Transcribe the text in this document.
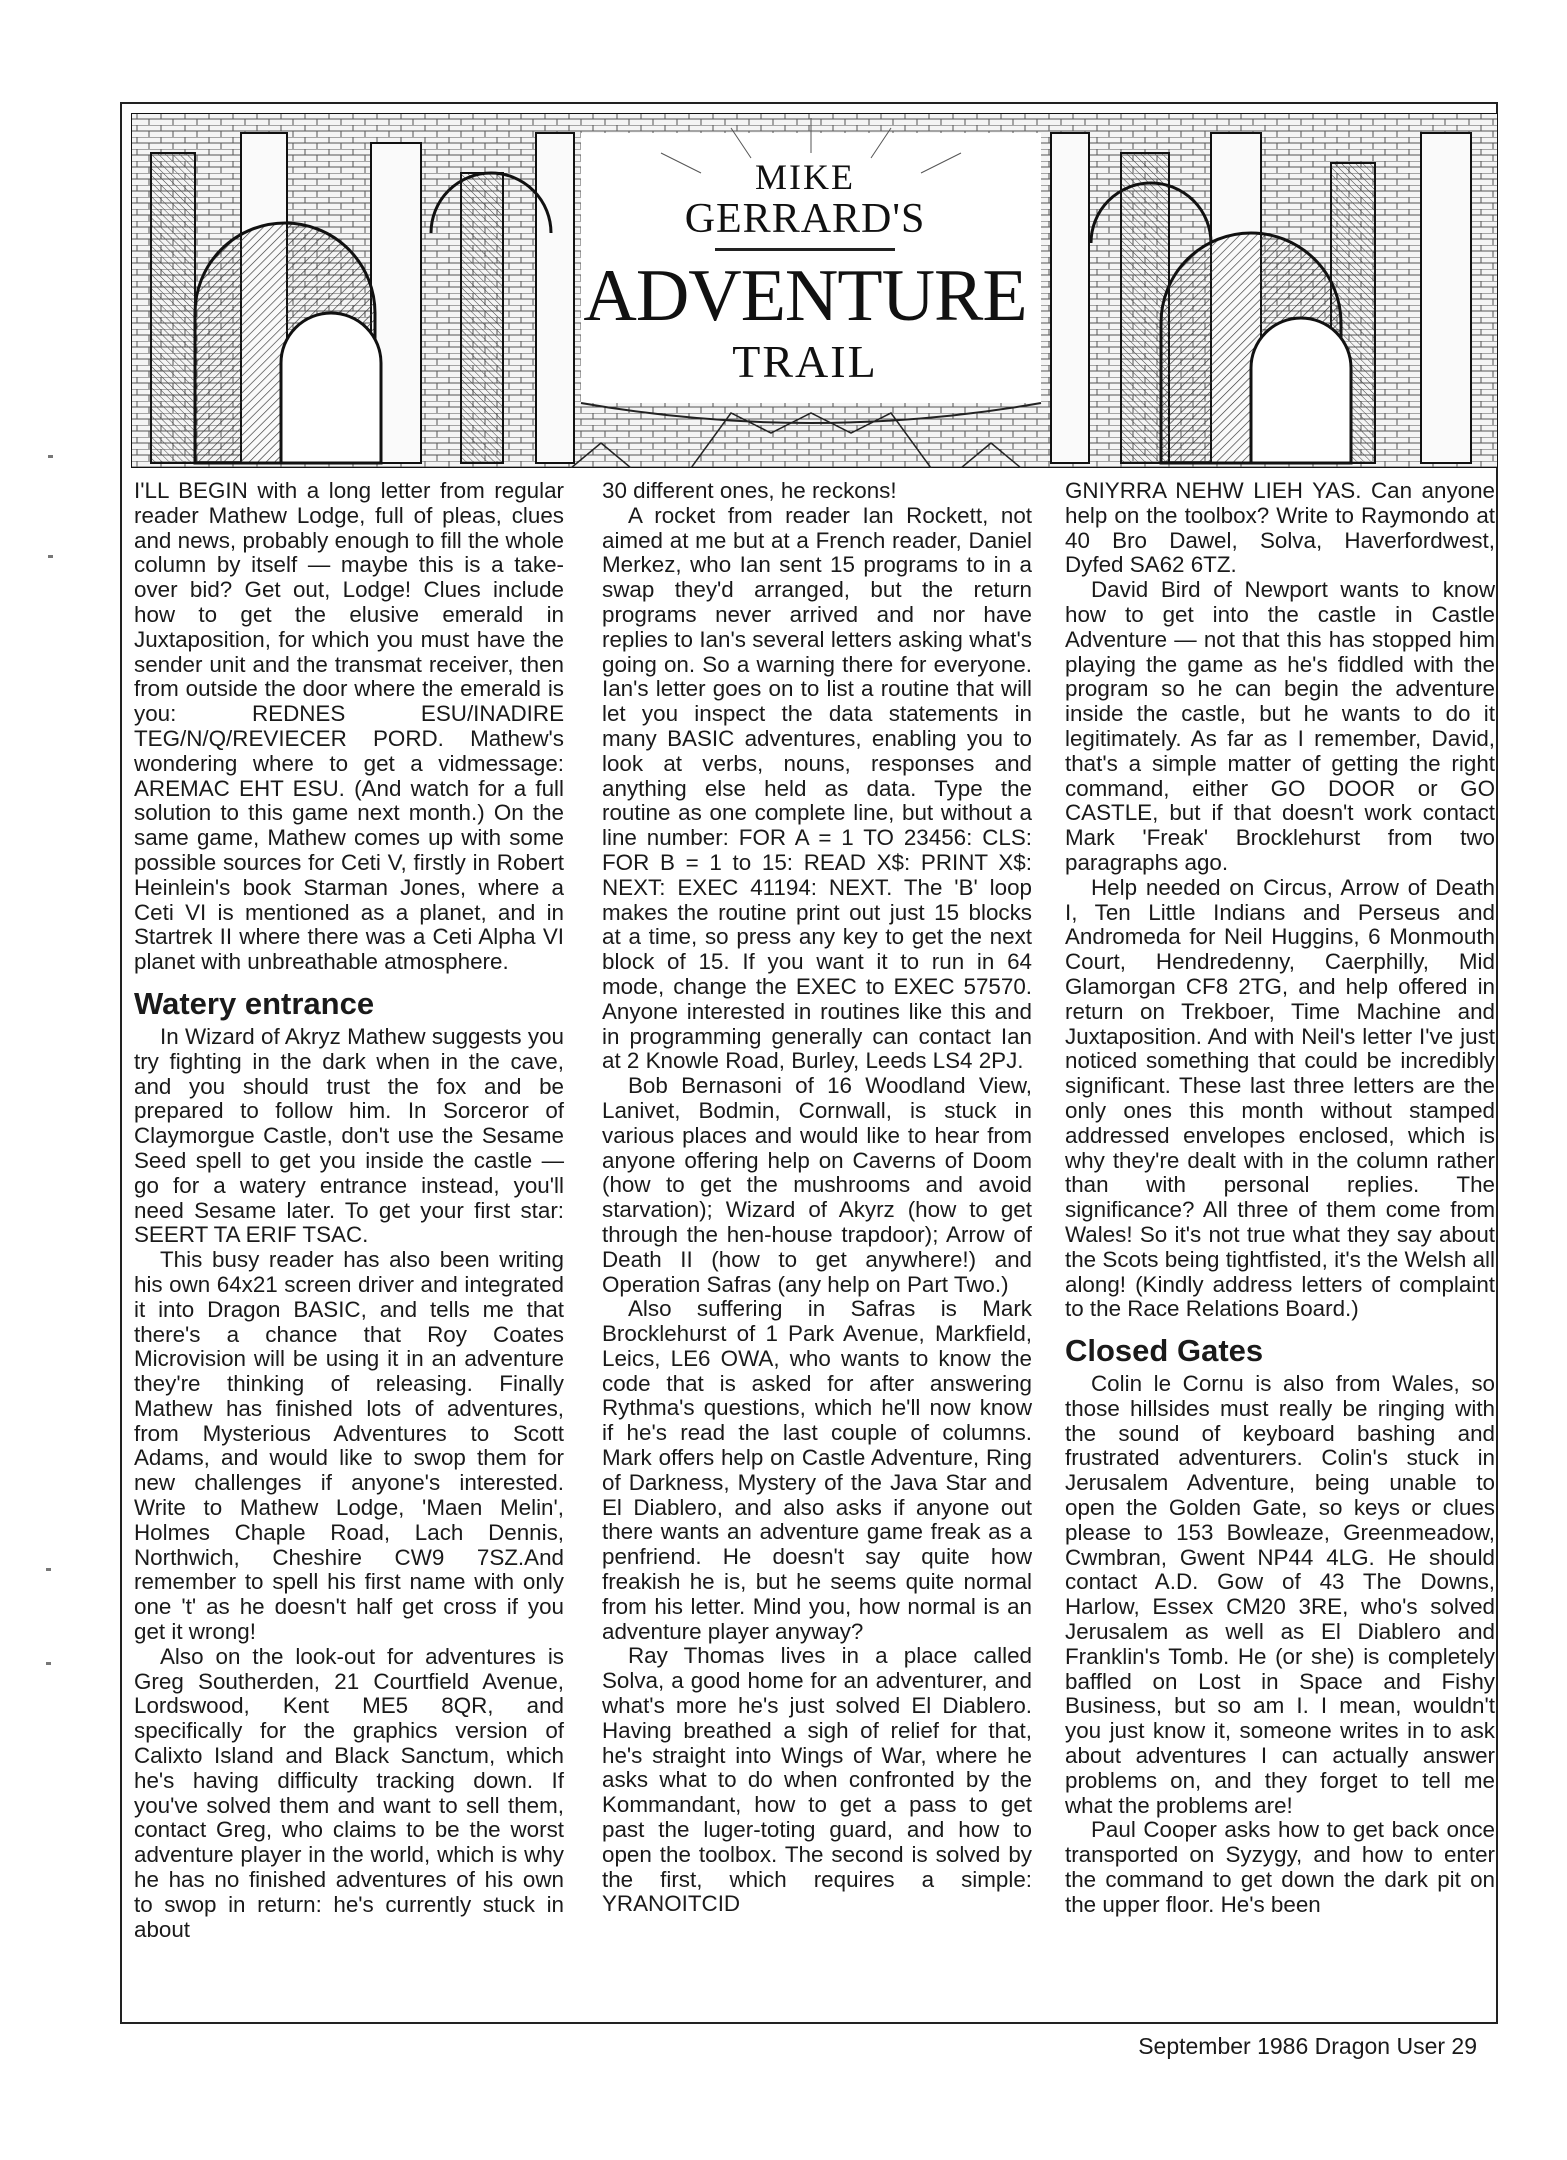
MIKE
GERRARD'S
ADVENTURE
TRAIL

I'LL BEGIN with a long letter from regular reader Mathew Lodge, full of pleas, clues and news, probably enough to fill the whole column by itself — maybe this is a take-over bid? Get out, Lodge! Clues include how to get the elusive emerald in Juxtaposition, for which you must have the sender unit and the transmat receiver, then from outside the door where the emerald is you: REDNES ESU/INADIRE TEG/N/Q/REVIECER PORD. Mathew's wondering where to get a vidmessage: AREMAC EHT ESU. (And watch for a full solution to this game next month.) On the same game, Mathew comes up with some possible sources for Ceti V, firstly in Robert Heinlein's book Starman Jones, where a Ceti VI is mentioned as a planet, and in Startrek II where there was a Ceti Alpha VI planet with unbreathable atmosphere.

Watery entrance

In Wizard of Akryz Mathew suggests you try fighting in the dark when in the cave, and you should trust the fox and be prepared to follow him. In Sorceror of Claymorgue Castle, don't use the Sesame Seed spell to get you inside the castle — go for a watery entrance instead, you'll need Sesame later. To get your first star: SEERT TA ERIF TSAC.

This busy reader has also been writing his own 64x21 screen driver and integrated it into Dragon BASIC, and tells me that there's a chance that Roy Coates Microvision will be using it in an adventure they're thinking of releasing. Finally Mathew has finished lots of adventures, from Mysterious Adventures to Scott Adams, and would like to swop them for new challenges if anyone's interested. Write to Mathew Lodge, 'Maen Melin', Holmes Chaple Road, Lach Dennis, Northwich, Cheshire CW9 7SZ.And remember to spell his first name with only one 't' as he doesn't half get cross if you get it wrong!

Also on the look-out for adventures is Greg Southerden, 21 Courtfield Avenue, Lordswood, Kent ME5 8QR, and specifically for the graphics version of Calixto Island and Black Sanctum, which he's having difficulty tracking down. If you've solved them and want to sell them, contact Greg, who claims to be the worst adventure player in the world, which is why he has no finished adventures of his own to swop in return: he's currently stuck in about

30 different ones, he reckons!

A rocket from reader Ian Rockett, not aimed at me but at a French reader, Daniel Merkez, who Ian sent 15 programs to in a swap they'd arranged, but the return programs never arrived and nor have replies to Ian's several letters asking what's going on. So a warning there for everyone. Ian's letter goes on to list a routine that will let you inspect the data statements in many BASIC adventures, enabling you to look at verbs, nouns, responses and anything else held as data. Type the routine as one complete line, but without a line number: FOR A = 1 TO 23456: CLS: FOR B = 1 to 15: READ X$: PRINT X$: NEXT: EXEC 41194: NEXT. The 'B' loop makes the routine print out just 15 blocks at a time, so press any key to get the next block of 15. If you want it to run in 64 mode, change the EXEC to EXEC 57570. Anyone interested in routines like this and in programming generally can contact Ian at 2 Knowle Road, Burley, Leeds LS4 2PJ.

Bob Bernasoni of 16 Woodland View, Lanivet, Bodmin, Cornwall, is stuck in various places and would like to hear from anyone offering help on Caverns of Doom (how to get the mushrooms and avoid starvation); Wizard of Akyrz (how to get through the hen-house trapdoor); Arrow of Death II (how to get anywhere!) and Operation Safras (any help on Part Two.)

Also suffering in Safras is Mark Brocklehurst of 1 Park Avenue, Markfield, Leics, LE6 OWA, who wants to know the code that is asked for after answering Rythma's questions, which he'll now know if he's read the last couple of columns. Mark offers help on Castle Adventure, Ring of Darkness, Mystery of the Java Star and El Diablero, and also asks if anyone out there wants an adventure game freak as a penfriend. He doesn't say quite how freakish he is, but he seems quite normal from his letter. Mind you, how normal is an adventure player anyway?

Ray Thomas lives in a place called Solva, a good home for an adventurer, and what's more he's just solved El Diablero. Having breathed a sigh of relief for that, he's straight into Wings of War, where he asks what to do when confronted by the Kommandant, how to get a pass to get past the luger-toting guard, and how to open the toolbox. The second is solved by the first, which requires a simple: YRANOITCID

GNIYRRA NEHW LIEH YAS. Can anyone help on the toolbox? Write to Raymondo at 40 Bro Dawel, Solva, Haverfordwest, Dyfed SA62 6TZ.

David Bird of Newport wants to know how to get into the castle in Castle Adventure — not that this has stopped him playing the game as he's fiddled with the program so he can begin the adventure inside the castle, but he wants to do it legitimately. As far as I remember, David, that's a simple matter of getting the right command, either GO DOOR or GO CASTLE, but if that doesn't work contact Mark 'Freak' Brocklehurst from two paragraphs ago.

Help needed on Circus, Arrow of Death I, Ten Little Indians and Perseus and Andromeda for Neil Huggins, 6 Monmouth Court, Hendredenny, Caerphilly, Mid Glamorgan CF8 2TG, and help offered in return on Trekboer, Time Machine and Juxtaposition. And with Neil's letter I've just noticed something that could be incredibly significant. These last three letters are the only ones this month without stamped addressed envelopes enclosed, which is why they're dealt with in the column rather than with personal replies. The significance? All three of them come from Wales! So it's not true what they say about the Scots being tightfisted, it's the Welsh all along! (Kindly address letters of complaint to the Race Relations Board.)

Closed Gates

Colin le Cornu is also from Wales, so those hillsides must really be ringing with the sound of keyboard bashing and frustrated adventurers. Colin's stuck in Jerusalem Adventure, being unable to open the Golden Gate, so keys or clues please to 153 Bowleaze, Greenmeadow, Cwmbran, Gwent NP44 4LG. He should contact A.D. Gow of 43 The Downs, Harlow, Essex CM20 3RE, who's solved Jerusalem as well as El Diablero and Franklin's Tomb. He (or she) is completely baffled on Lost in Space and Fishy Business, but so am I. I mean, wouldn't you just know it, someone writes in to ask about adventures I can actually answer problems on, and they forget to tell me what the problems are!

Paul Cooper asks how to get back once transported on Syzygy, and how to enter the command to get down the dark pit on the upper floor. He's been

September 1986 Dragon User 29
